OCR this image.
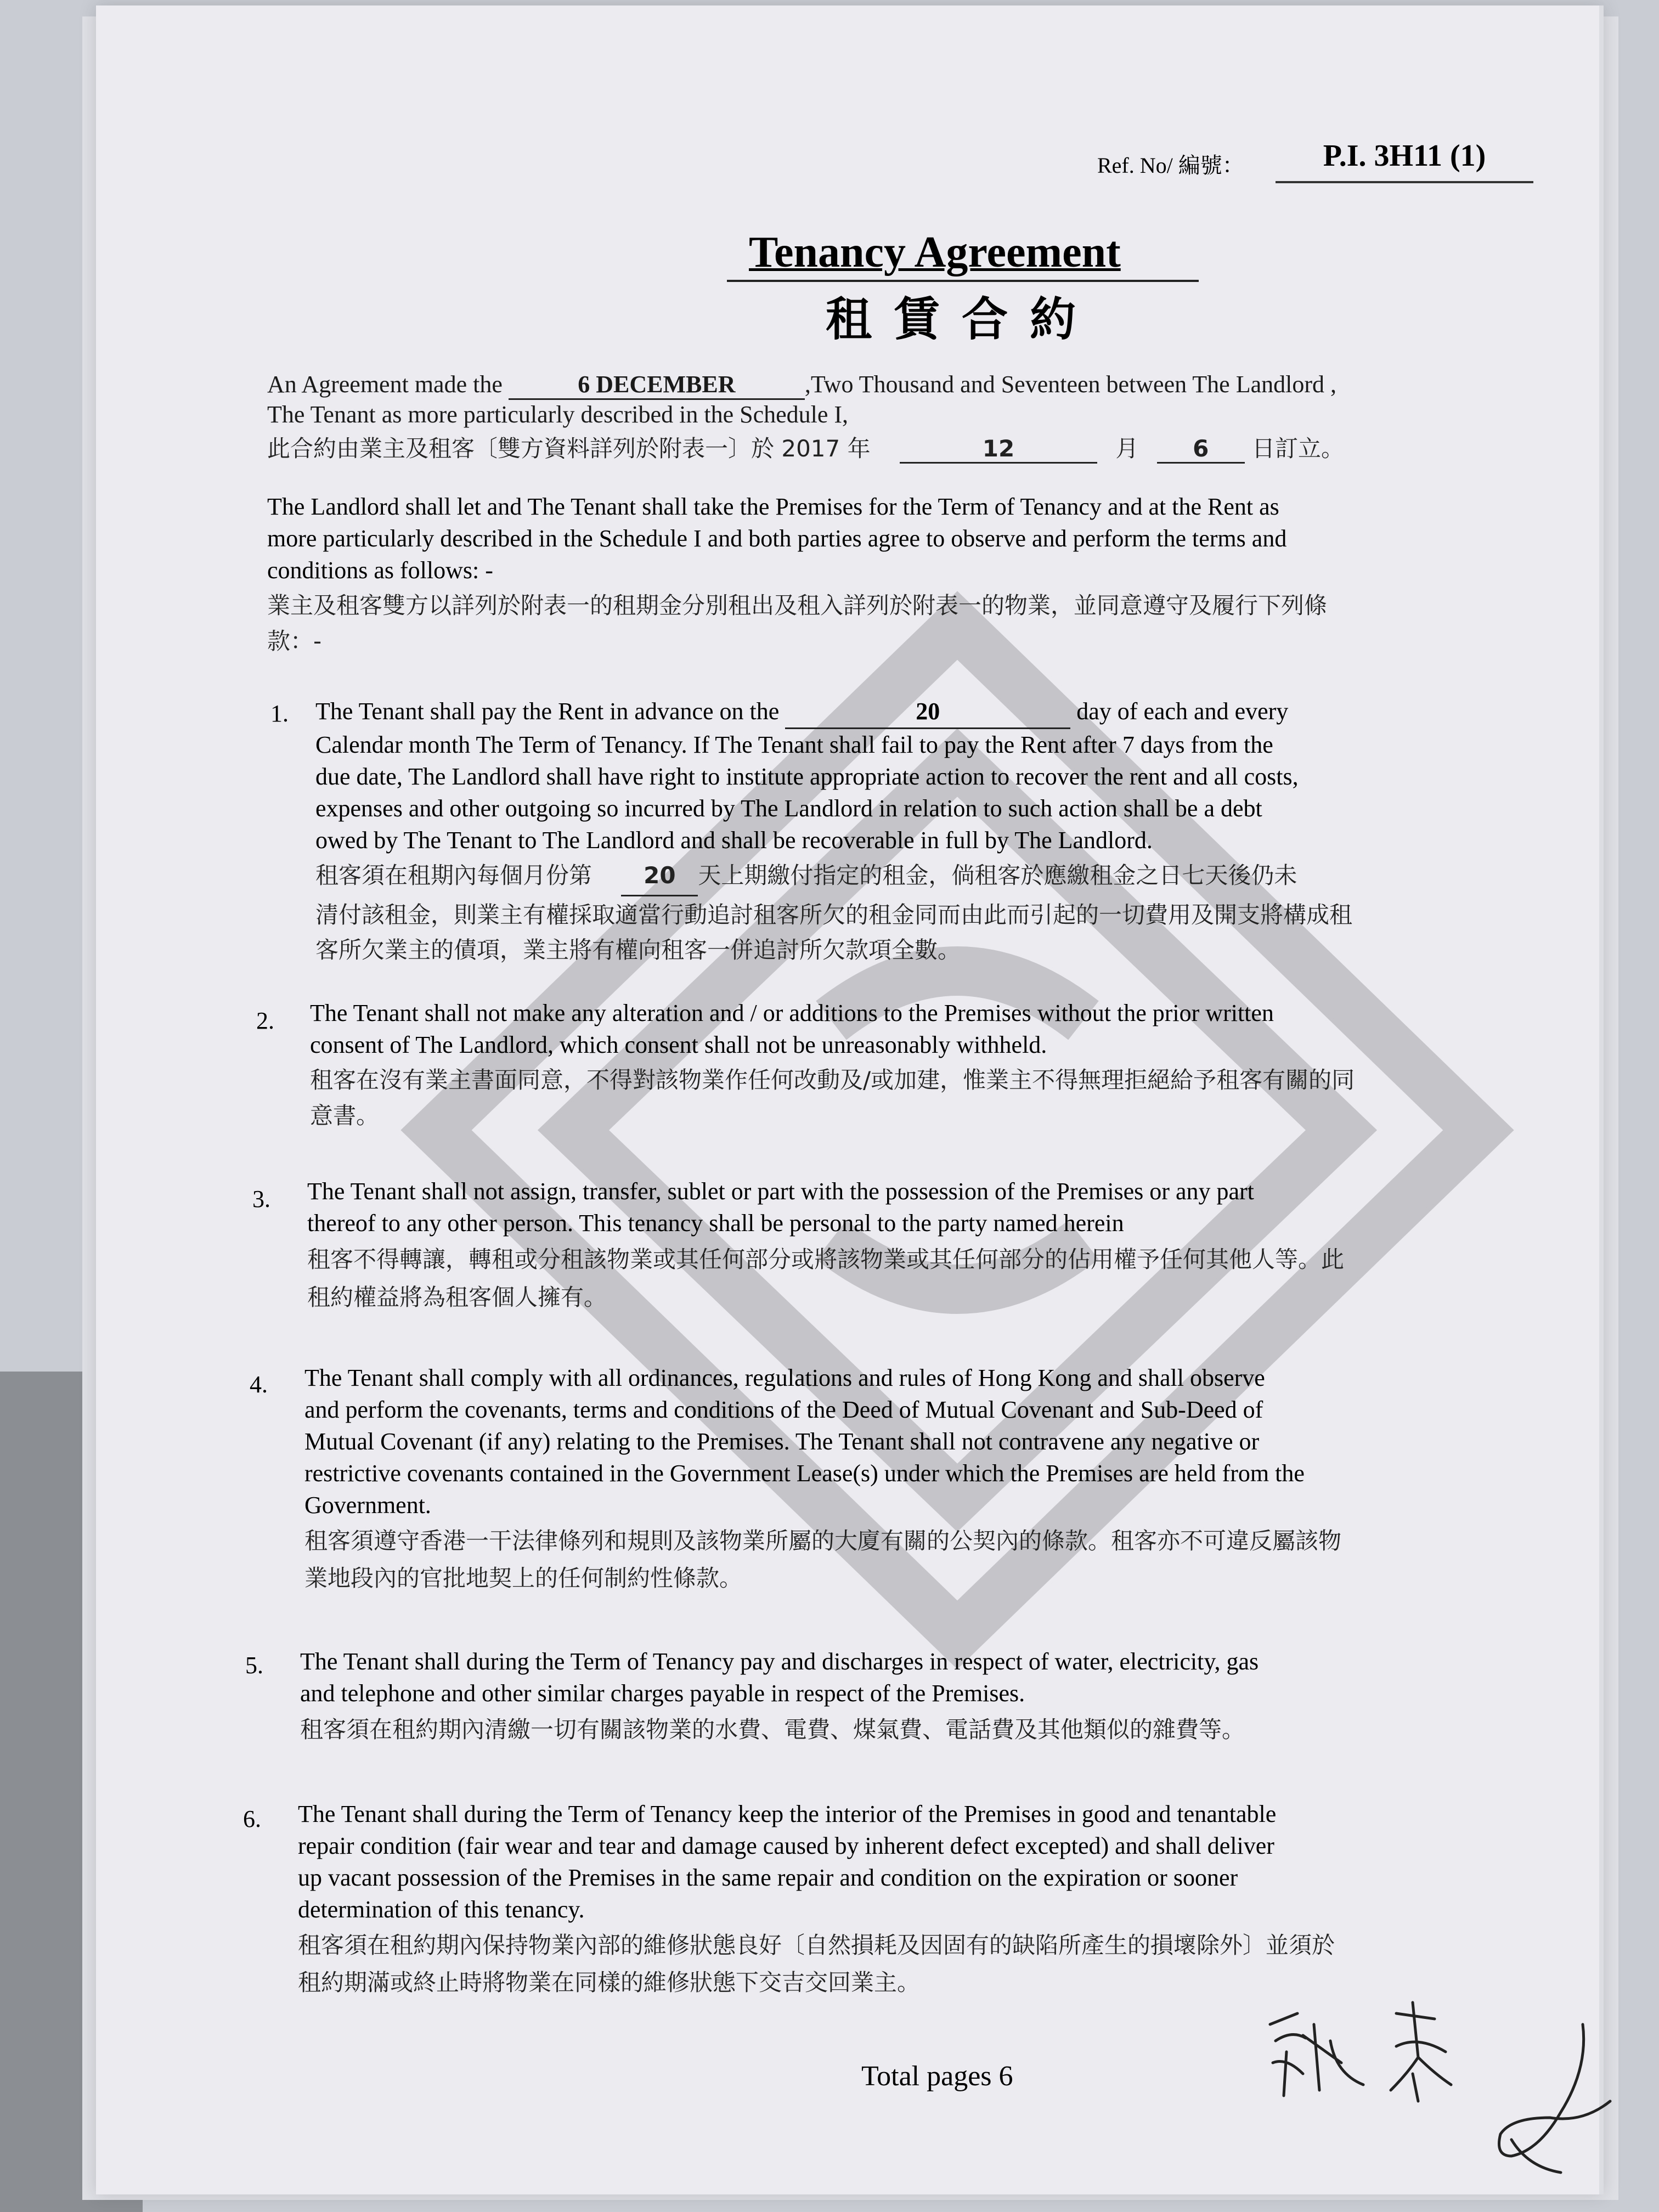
Ref. No/ 編號：	P.I. 3H11 (1)
Tenancy Agreement
租賃合約
An Agreement made the	6 DECEMBER	,Two Thousand and Seventeen between The Landlord ,
The Tenant as more particularly described in the Schedule I,
此合約由業主及租客〔雙方資料詳列於附表一〕於 2017 年	12	月 6 日訂立。
The Landlord shall let and The Tenant shall take the Premises for the Term of Tenancy and at the Rent as
more particularly described in the Schedule I and both parties agree to observe and perform the terms and
conditions as follows: -
業主及租客雙方以詳列於附表一的租期金分別租出及租入詳列於附表一的物業，並同意遵守及履行下列條
款：-
1. The Tenant shall pay the Rent in advance on the	20	day of each and every
Calendar month The Term of Tenancy. If The Tenant shall fail to pay the Rent after 7 days from the
due date, The Landlord shall have right to institute appropriate action to recover the rent and all costs,
expenses and other outgoing so incurred by The Landlord in relation to such action shall be a debt
owed by The Tenant to The Landlord and shall be recoverable in full by The Landlord.
租客須在租期內每個月份第 20 天上期繳付指定的租金，倘租客於應繳租金之日七天後仍未
清付該租金，則業主有權採取適當行動追討租客所欠的租金同而由此而引起的一切費用及開支將構成租
客所欠業主的債項，業主將有權向租客一併追討所欠款項全數。
2. The Tenant shall not make any alteration and / or additions to the Premises without the prior written
consent of The Landlord, which consent shall not be unreasonably withheld.
租客在沒有業主書面同意，不得對該物業作任何改動及/或加建，惟業主不得無理拒絕給予租客有關的同
意書。
3. The Tenant shall not assign, transfer, sublet or part with the possession of the Premises or any part
thereof to any other person. This tenancy shall be personal to the party named herein
租客不得轉讓，轉租或分租該物業或其任何部分或將該物業或其任何部分的佔用權予任何其他人等。此
租約權益將為租客個人擁有。
4. The Tenant shall comply with all ordinances, regulations and rules of Hong Kong and shall observe
and perform the covenants, terms and conditions of the Deed of Mutual Covenant and Sub-Deed of
Mutual Covenant (if any) relating to the Premises. The Tenant shall not contravene any negative or
restrictive covenants contained in the Government Lease(s) under which the Premises are held from the
Government.
租客須遵守香港一干法律條列和規則及該物業所屬的大廈有關的公契內的條款。租客亦不可違反屬該物
業地段內的官批地契上的任何制約性條款。
5. The Tenant shall during the Term of Tenancy pay and discharges in respect of water, electricity, gas
and telephone and other similar charges payable in respect of the Premises.
租客須在租約期內清繳一切有關該物業的水費、電費、煤氣費、電話費及其他類似的雜費等。
6. The Tenant shall during the Term of Tenancy keep the interior of the Premises in good and tenantable
repair condition (fair wear and tear and damage caused by inherent defect excepted) and shall deliver
up vacant possession of the Premises in the same repair and condition on the expiration or sooner
determination of this tenancy.
租客須在租約期內保持物業內部的維修狀態良好〔自然損耗及因固有的缺陷所產生的損壞除外〕並須於
租約期滿或終止時將物業在同樣的維修狀態下交吉交回業主。
Total pages 6
